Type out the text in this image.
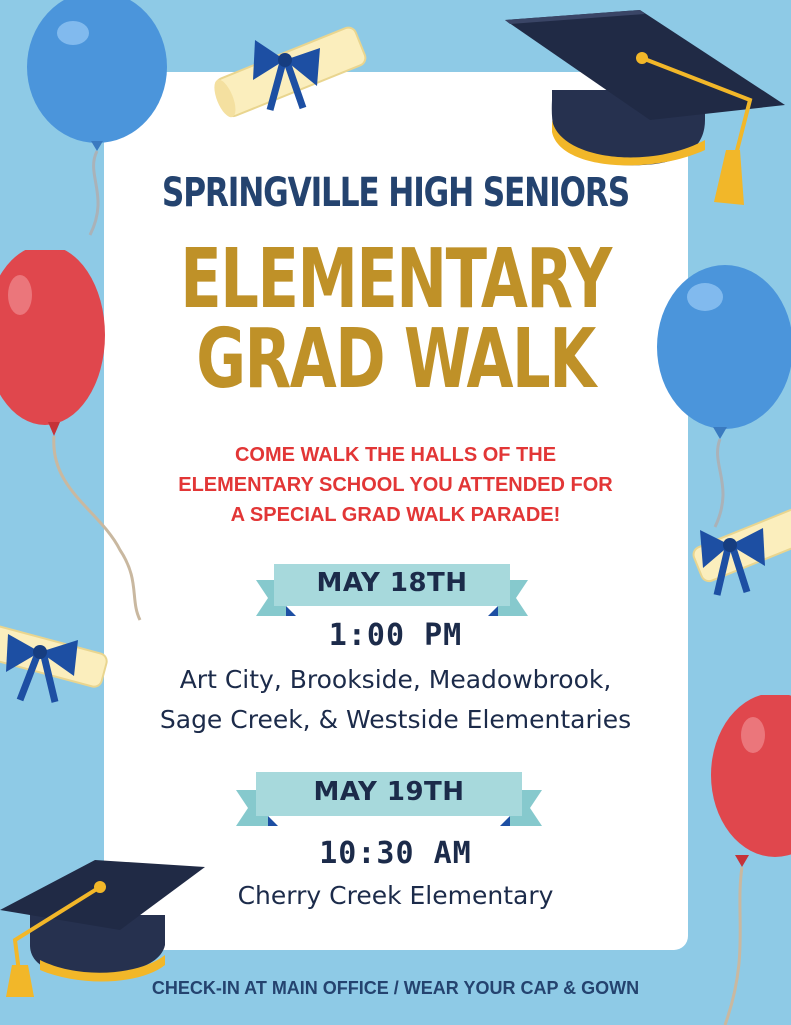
SPRINGVILLE HIGH SENIORS
ELEMENTARY
GRAD WALK
COME WALK THE HALLS OF THE
ELEMENTARY SCHOOL YOU ATTENDED FOR
A SPECIAL GRAD WALK PARADE!
MAY 18TH
1:00 PM
Art City, Brookside, Meadowbrook,
Sage Creek, & Westside Elementaries
MAY 19TH
10:30 AM
Cherry Creek Elementary
CHECK-IN AT MAIN OFFICE / WEAR YOUR CAP & GOWN
